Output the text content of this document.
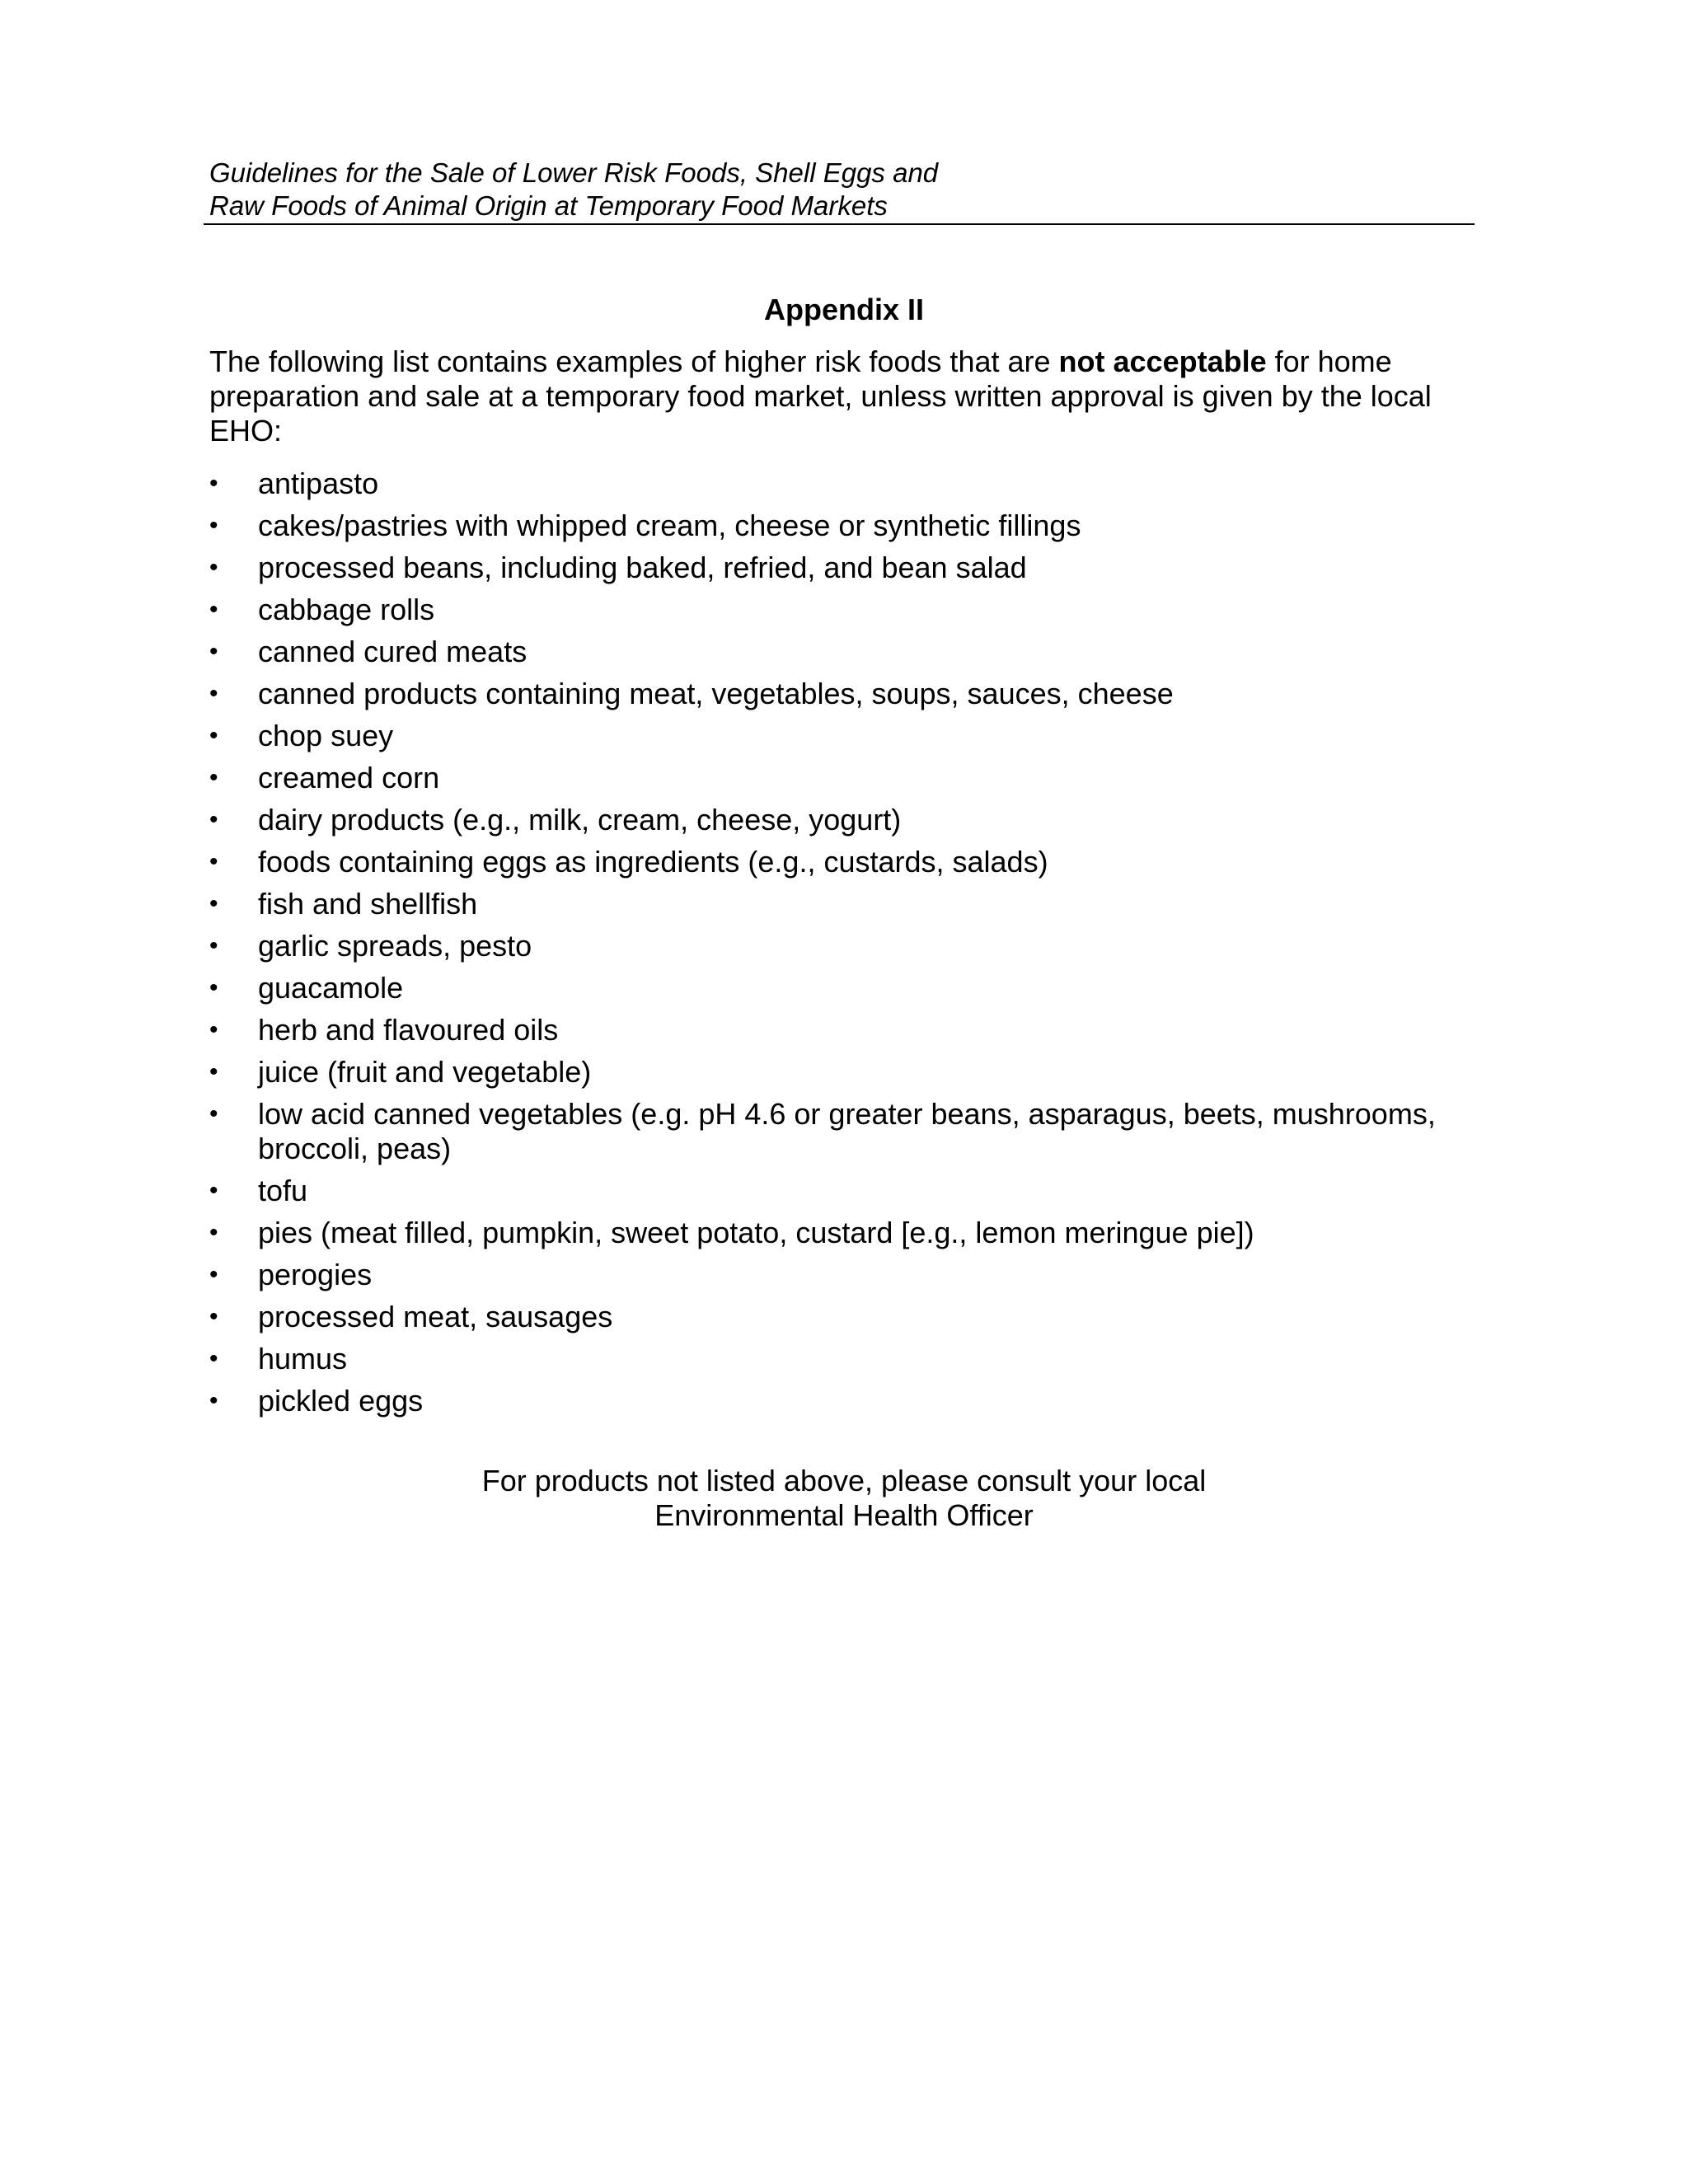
Guidelines for the Sale of Lower Risk Foods, Shell Eggs and
Raw Foods of Animal Origin at Temporary Food Markets
Appendix II

The following list contains examples of higher risk foods that are not acceptable for home preparation and sale at a temporary food market, unless written approval is given by the local EHO:

• antipasto
• cakes/pastries with whipped cream, cheese or synthetic fillings
• processed beans, including baked, refried, and bean salad
• cabbage rolls
• canned cured meats
• canned products containing meat, vegetables, soups, sauces, cheese
• chop suey
• creamed corn
• dairy products (e.g., milk, cream, cheese, yogurt)
• foods containing eggs as ingredients (e.g., custards, salads)
• fish and shellfish
• garlic spreads, pesto
• guacamole
• herb and flavoured oils
• juice (fruit and vegetable)
• low acid canned vegetables (e.g. pH 4.6 or greater beans, asparagus, beets, mushrooms, broccoli, peas)
• tofu
• pies (meat filled, pumpkin, sweet potato, custard [e.g., lemon meringue pie])
• perogies
• processed meat, sausages
• humus
• pickled eggs
For products not listed above, please consult your local
Environmental Health Officer
